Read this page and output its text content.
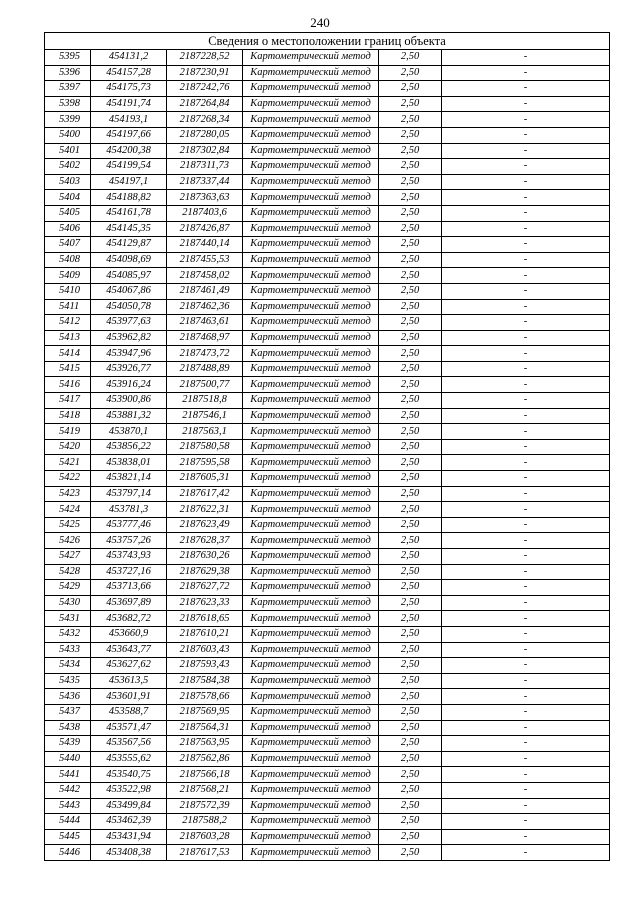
240
Сведения о местоположении границ объекта					
5395	454131,2	2187228,52	Картометрический метод	2,50	-
5396	454157,28	2187230,91	Картометрический метод	2,50	-
5397	454175,73	2187242,76	Картометрический метод	2,50	-
5398	454191,74	2187264,84	Картометрический метод	2,50	-
5399	454193,1	2187268,34	Картометрический метод	2,50	-
5400	454197,66	2187280,05	Картометрический метод	2,50	-
5401	454200,38	2187302,84	Картометрический метод	2,50	-
5402	454199,54	2187311,73	Картометрический метод	2,50	-
5403	454197,1	2187337,44	Картометрический метод	2,50	-
5404	454188,82	2187363,63	Картометрический метод	2,50	-
5405	454161,78	2187403,6	Картометрический метод	2,50	-
5406	454145,35	2187426,87	Картометрический метод	2,50	-
5407	454129,87	2187440,14	Картометрический метод	2,50	-
5408	454098,69	2187455,53	Картометрический метод	2,50	-
5409	454085,97	2187458,02	Картометрический метод	2,50	-
5410	454067,86	2187461,49	Картометрический метод	2,50	-
5411	454050,78	2187462,36	Картометрический метод	2,50	-
5412	453977,63	2187463,61	Картометрический метод	2,50	-
5413	453962,82	2187468,97	Картометрический метод	2,50	-
5414	453947,96	2187473,72	Картометрический метод	2,50	-
5415	453926,77	2187488,89	Картометрический метод	2,50	-
5416	453916,24	2187500,77	Картометрический метод	2,50	-
5417	453900,86	2187518,8	Картометрический метод	2,50	-
5418	453881,32	2187546,1	Картометрический метод	2,50	-
5419	453870,1	2187563,1	Картометрический метод	2,50	-
5420	453856,22	2187580,58	Картометрический метод	2,50	-
5421	453838,01	2187595,58	Картометрический метод	2,50	-
5422	453821,14	2187605,31	Картометрический метод	2,50	-
5423	453797,14	2187617,42	Картометрический метод	2,50	-
5424	453781,3	2187622,31	Картометрический метод	2,50	-
5425	453777,46	2187623,49	Картометрический метод	2,50	-
5426	453757,26	2187628,37	Картометрический метод	2,50	-
5427	453743,93	2187630,26	Картометрический метод	2,50	-
5428	453727,16	2187629,38	Картометрический метод	2,50	-
5429	453713,66	2187627,72	Картометрический метод	2,50	-
5430	453697,89	2187623,33	Картометрический метод	2,50	-
5431	453682,72	2187618,65	Картометрический метод	2,50	-
5432	453660,9	2187610,21	Картометрический метод	2,50	-
5433	453643,77	2187603,43	Картометрический метод	2,50	-
5434	453627,62	2187593,43	Картометрический метод	2,50	-
5435	453613,5	2187584,38	Картометрический метод	2,50	-
5436	453601,91	2187578,66	Картометрический метод	2,50	-
5437	453588,7	2187569,95	Картометрический метод	2,50	-
5438	453571,47	2187564,31	Картометрический метод	2,50	-
5439	453567,56	2187563,95	Картометрический метод	2,50	-
5440	453555,62	2187562,86	Картометрический метод	2,50	-
5441	453540,75	2187566,18	Картометрический метод	2,50	-
5442	453522,98	2187568,21	Картометрический метод	2,50	-
5443	453499,84	2187572,39	Картометрический метод	2,50	-
5444	453462,39	2187588,2	Картометрический метод	2,50	-
5445	453431,94	2187603,28	Картометрический метод	2,50	-
5446	453408,38	2187617,53	Картометрический метод	2,50	-
